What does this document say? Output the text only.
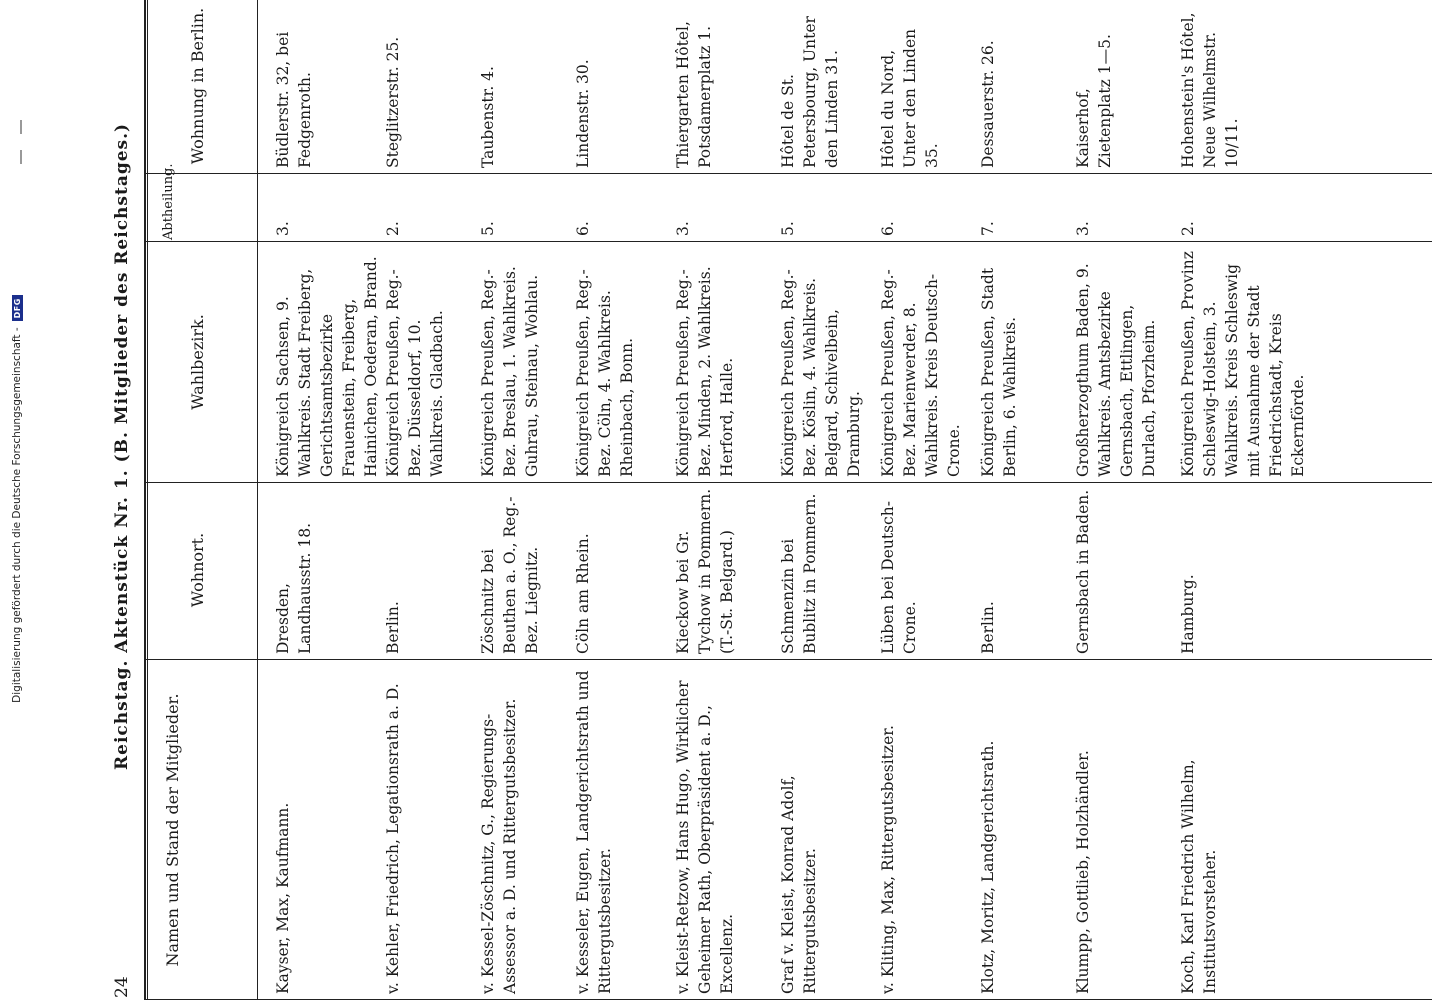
Digitalisierung gefördert durch die Deutsche Forschungsgemeinschaft -
DFG
24
Reichstag. Aktenstück Nr. 1. (B. Mitglieder des Reichstages.)
Namen und Stand der Mitglieder.
Wohnort.
Wahlbezirk.
Abtheilung.
Wohnung in Berlin.
Kayser, Max, Kaufmann.
Dresden, Landhausstr. 18.
Königreich Sachsen, 9. Wahlkreis. Stadt Freiberg, Gerichtsamtsbezirke Frauenstein, Freiberg, Hainichen, Oederan, Brand.
3.
Büdlerstr. 32, bei Fedgenroth.
v. Kehler, Friedrich, Legationsrath a. D.
Berlin.
Königreich Preußen, Reg.-Bez. Düsseldorf, 10. Wahlkreis. Gladbach.
2.
Steglitzerstr. 25.
v. Kessel-Zöschnitz, G., Regierungs-Assessor a. D. und Rittergutsbesitzer.
Zöschnitz bei Beuthen a. O., Reg.-Bez. Liegnitz.
Königreich Preußen, Reg.-Bez. Breslau, 1. Wahlkreis. Guhrau, Steinau, Wohlau.
5.
Taubenstr. 4.
v. Kesseler, Eugen, Landgerichtsrath und Rittergutsbesitzer.
Cöln am Rhein.
Königreich Preußen, Reg.-Bez. Cöln, 4. Wahlkreis. Rheinbach, Bonn.
6.
Lindenstr. 30.
v. Kleist-Retzow, Hans Hugo, Wirklicher Geheimer Rath, Oberpräsident a. D., Excellenz.
Kieckow bei Gr. Tychow in Pommern. (T.-St. Belgard.)
Königreich Preußen, Reg.-Bez. Minden, 2. Wahlkreis. Herford, Halle.
3.
Thiergarten Hôtel, Potsdamerplatz 1.
Graf v. Kleist, Konrad Adolf, Rittergutsbesitzer.
Schmenzin bei Bublitz in Pommern.
Königreich Preußen, Reg.-Bez. Köslin, 4. Wahlkreis. Belgard, Schivelbein, Dramburg.
5.
Hôtel de St. Petersbourg, Unter den Linden 31.
v. Kliting, Max, Rittergutsbesitzer.
Lüben bei Deutsch-Crone.
Königreich Preußen, Reg.-Bez. Marienwerder, 8. Wahlkreis. Kreis Deutsch-Crone.
6.
Hôtel du Nord, Unter den Linden 35.
Klotz, Moritz, Landgerichtsrath.
Berlin.
Königreich Preußen, Stadt Berlin, 6. Wahlkreis.
7.
Dessauerstr. 26.
Klumpp, Gottlieb, Holzhändler.
Gernsbach in Baden.
Großherzogthum Baden, 9. Wahlkreis. Amtsbezirke Gernsbach, Ettlingen, Durlach, Pforzheim.
3.
Kaiserhof, Zietenplatz 1—5.
Koch, Karl Friedrich Wilhelm, Institutsvorsteher.
Hamburg.
Königreich Preußen, Provinz Schleswig-Holstein, 3. Wahlkreis. Kreis Schleswig mit Ausnahme der Stadt Friedrichstadt, Kreis Eckernförde.
2.
Hohenstein's Hôtel, Neue Wilhelmstr. 10/11.
